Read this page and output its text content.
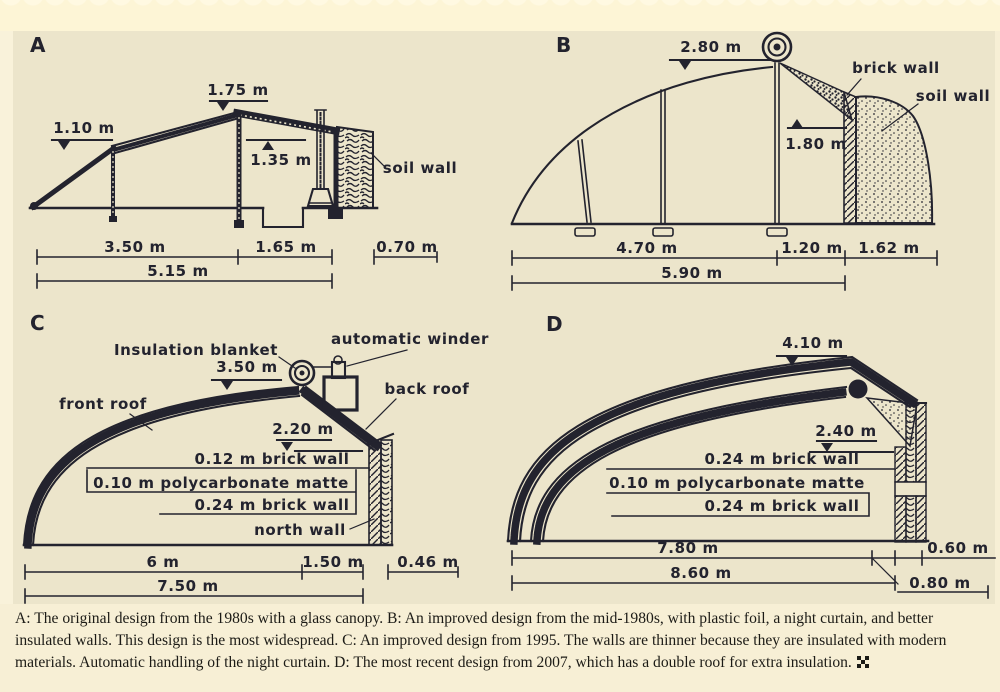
A
soil wall
1.75 m
1.10 m
1.35 m
3.50 m	1.65 m	0.70 m
5.15 m
B
brick wall
soil wall
2.80 m
1.80 m
4.70 m	1.20 m 1.62 m
5.90 m
C
Insulation blanket
automatic winder
back roof
front roof
3.50 m
2.20 m
0.12 m brick wall
0.10 m polycarbonate matte
0.24 m brick wall
north wall
6 m	1.50 m 0.46 m
7.50 m
D
4.10 m
2.40 m
0.24 m brick wall
0.10 m polycarbonate matte
0.24 m brick wall
7.80 m	0.60 m
8.60 m
0.80 m
A: The original design from the 1980s with a glass canopy. B: An improved design from the mid-1980s, with plastic foil, a night curtain, and better insulated walls. This design is the most widespread. C: An improved design from 1995. The walls are thinner because they are insulated with modern materials. Automatic handling of the night curtain. D: The most recent design from 2007, which has a double roof for extra insulation.
